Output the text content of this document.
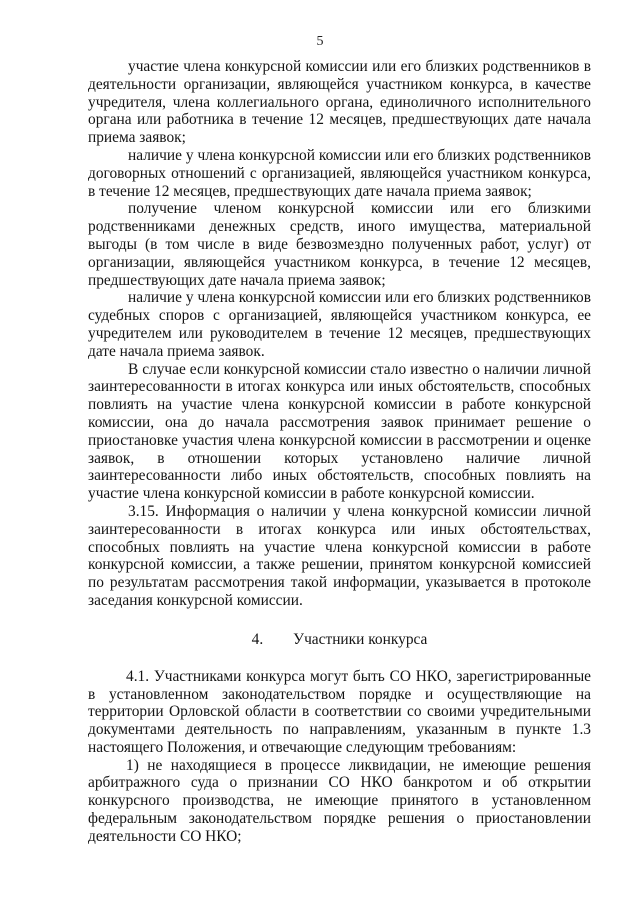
5

участие члена конкурсной комиссии или его близких родственников в деятельности организации, являющейся участником конкурса, в качестве учредителя, члена коллегиального органа, единоличного исполнительного органа или работника в течение 12 месяцев, предшествующих дате начала приема заявок;

наличие у члена конкурсной комиссии или его близких родственников договорных отношений с организацией, являющейся участником конкурса, в течение 12 месяцев, предшествующих дате начала приема заявок;

получение членом конкурсной комиссии или его близкими родственниками денежных средств, иного имущества, материальной выгоды (в том числе в виде безвозмездно полученных работ, услуг) от организации, являющейся участником конкурса, в течение 12 месяцев, предшествующих дате начала приема заявок;

наличие у члена конкурсной комиссии или его близких родственников судебных споров с организацией, являющейся участником конкурса, ее учредителем или руководителем в течение 12 месяцев, предшествующих дате начала приема заявок.

В случае если конкурсной комиссии стало известно о наличии личной заинтересованности в итогах конкурса или иных обстоятельств, способных повлиять на участие члена конкурсной комиссии в работе конкурсной комиссии, она до начала рассмотрения заявок принимает решение о приостановке участия члена конкурсной комиссии в рассмотрении и оценке заявок, в отношении которых установлено наличие личной заинтересованности либо иных обстоятельств, способных повлиять на участие члена конкурсной комиссии в работе конкурсной комиссии.

3.15. Информация о наличии у члена конкурсной комиссии личной заинтересованности в итогах конкурса или иных обстоятельствах, способных повлиять на участие члена конкурсной комиссии в работе конкурсной комиссии, а также решении, принятом конкурсной комиссией по результатам рассмотрения такой информации, указывается в протоколе заседания конкурсной комиссии.

4. Участники конкурса

4.1. Участниками конкурса могут быть СО НКО, зарегистрированные в установленном законодательством порядке и осуществляющие на территории Орловской области в соответствии со своими учредительными документами деятельность по направлениям, указанным в пункте 1.3 настоящего Положения, и отвечающие следующим требованиям:

1) не находящиеся в процессе ликвидации, не имеющие решения арбитражного суда о признании СО НКО банкротом и об открытии конкурсного производства, не имеющие принятого в установленном федеральным законодательством порядке решения о приостановлении деятельности СО НКО;
